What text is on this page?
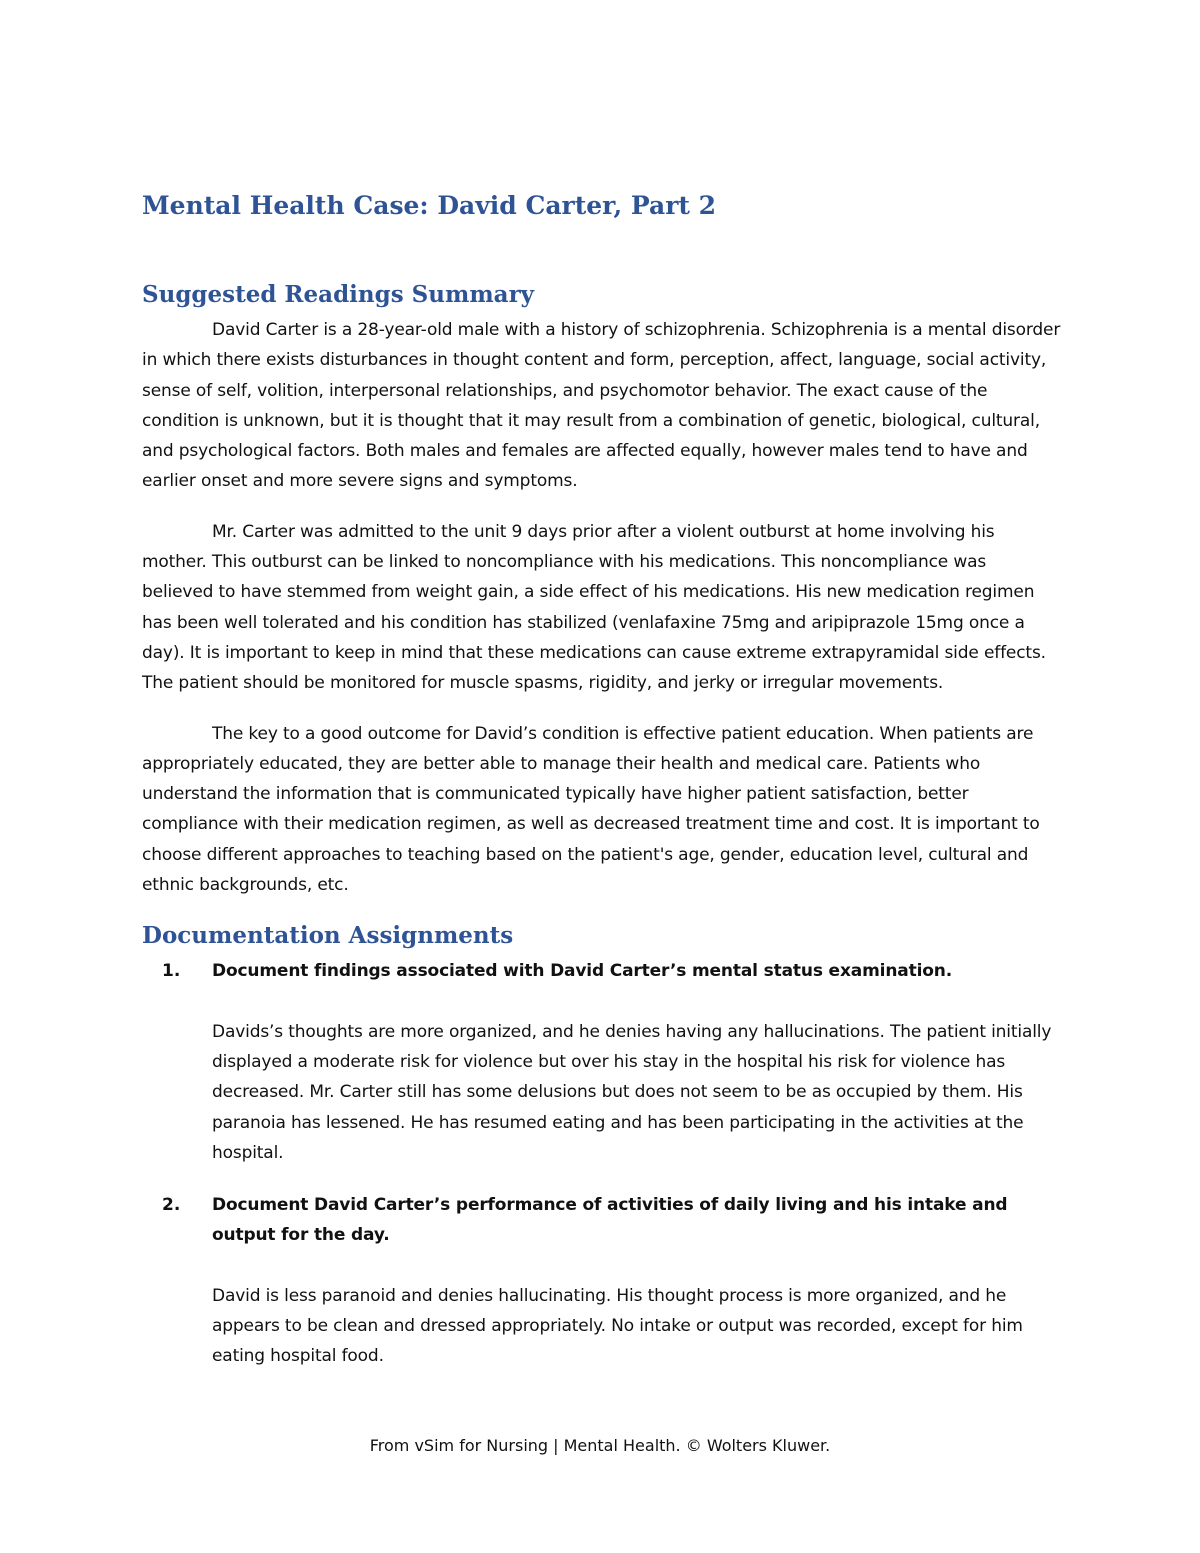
Mental Health Case: David Carter, Part 2
Suggested Readings Summary

David Carter is a 28-year-old male with a history of schizophrenia. Schizophrenia is a mental disorder in which there exists disturbances in thought content and form, perception, affect, language, social activity, sense of self, volition, interpersonal relationships, and psychomotor behavior. The exact cause of the condition is unknown, but it is thought that it may result from a combination of genetic, biological, cultural, and psychological factors. Both males and females are affected equally, however males tend to have and earlier onset and more severe signs and symptoms.

Mr. Carter was admitted to the unit 9 days prior after a violent outburst at home involving his mother. This outburst can be linked to noncompliance with his medications. This noncompliance was believed to have stemmed from weight gain, a side effect of his medications. His new medication regimen has been well tolerated and his condition has stabilized (venlafaxine 75mg and aripiprazole 15mg once a day). It is important to keep in mind that these medications can cause extreme extrapyramidal side effects. The patient should be monitored for muscle spasms, rigidity, and jerky or irregular movements.

The key to a good outcome for David’s condition is effective patient education. When patients are appropriately educated, they are better able to manage their health and medical care. Patients who understand the information that is communicated typically have higher patient satisfaction, better compliance with their medication regimen, as well as decreased treatment time and cost. It is important to choose different approaches to teaching based on the patient's age, gender, education level, cultural and ethnic backgrounds, etc.

Documentation Assignments
1. Document findings associated with David Carter’s mental status examination.

Davids’s thoughts are more organized, and he denies having any hallucinations. The patient initially displayed a moderate risk for violence but over his stay in the hospital his risk for violence has decreased. Mr. Carter still has some delusions but does not seem to be as occupied by them. His paranoia has lessened. He has resumed eating and has been participating in the activities at the hospital.

2. Document David Carter’s performance of activities of daily living and his intake and output for the day.

David is less paranoid and denies hallucinating. His thought process is more organized, and he appears to be clean and dressed appropriately. No intake or output was recorded, except for him eating hospital food.

From vSim for Nursing | Mental Health. © Wolters Kluwer.
